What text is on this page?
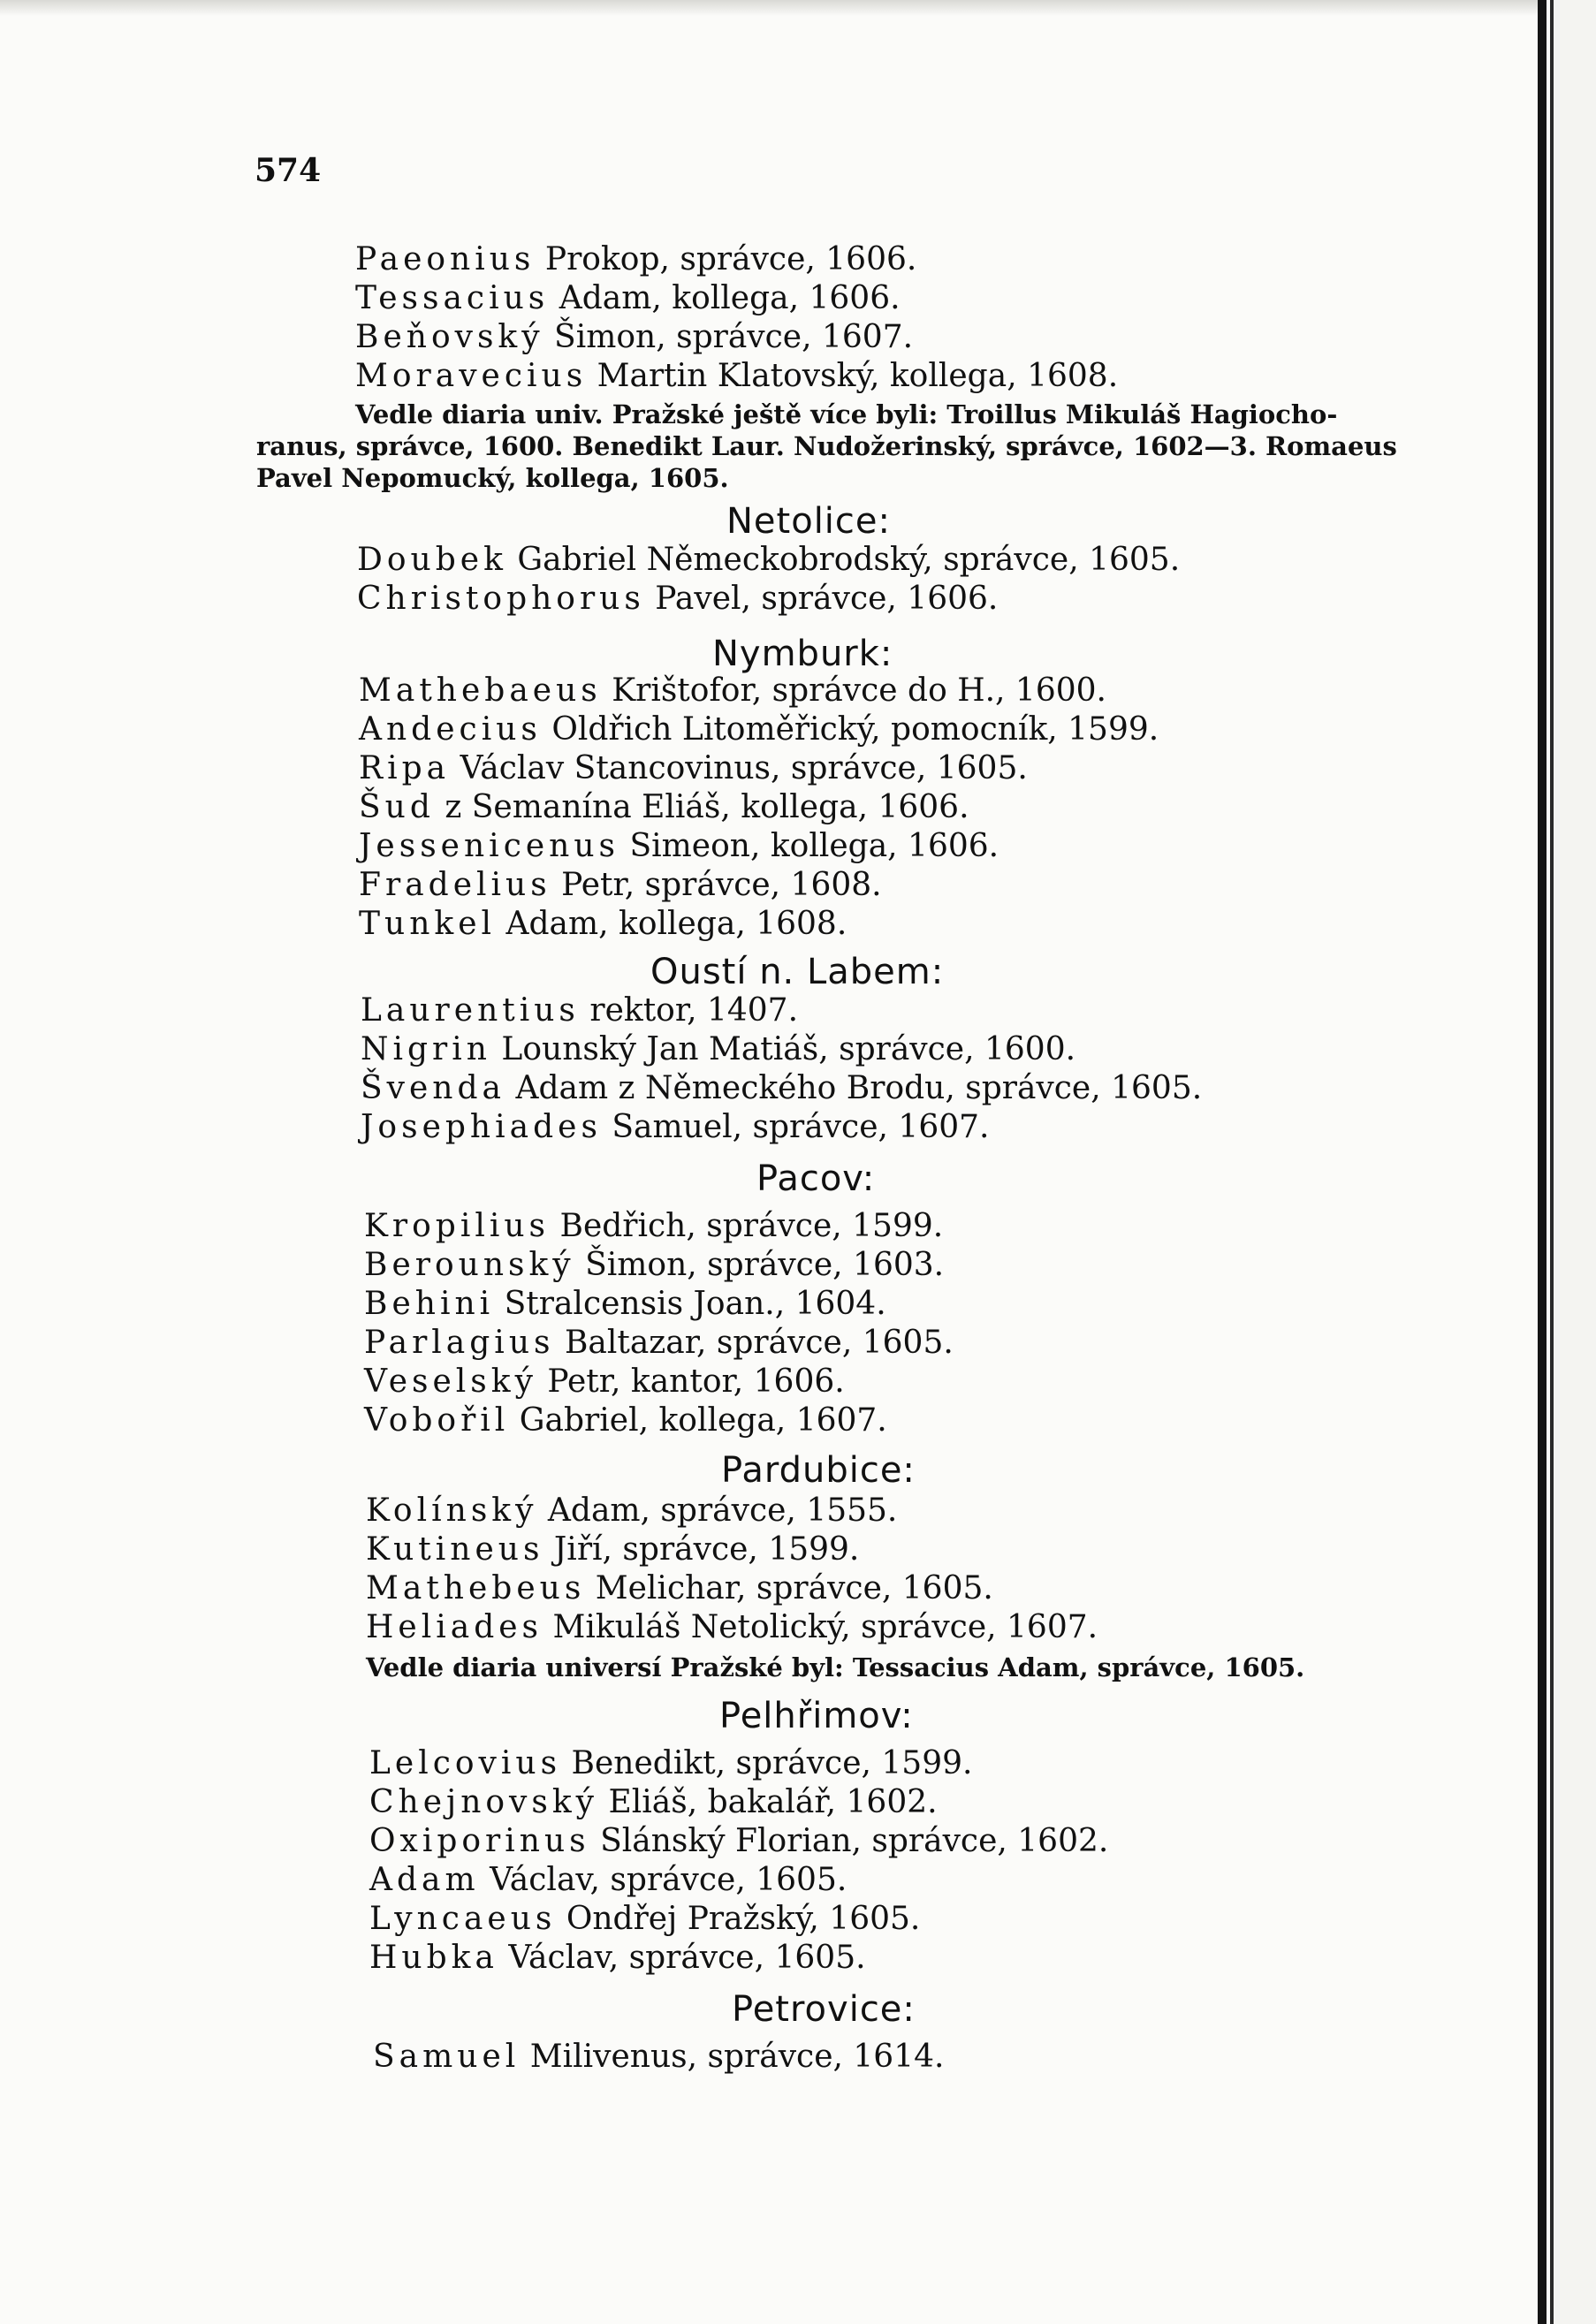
574
Paeonius Prokop, správce, 1606.
Tessacius Adam, kollega, 1606.
Beňovský Šimon, správce, 1607.
Moravecius Martin Klatovský, kollega, 1608.
Vedle diaria univ. Pražské ještě více byli: Troillus Mikuláš Hagiocho-
ranus, správce, 1600. Benedikt Laur. Nudožerinský, správce, 1602—3. Romaeus
Pavel Nepomucký, kollega, 1605.
Netolice:
Doubek Gabriel Německobrodský, správce, 1605.
Christophorus Pavel, správce, 1606.
Nymburk:
Mathebaeus Krištofor, správce do H., 1600.
Andecius Oldřich Litoměřický, pomocník, 1599.
Ripa Václav Stancovinus, správce, 1605.
Šud z Semanína Eliáš, kollega, 1606.
Jessenicenus Simeon, kollega, 1606.
Fradelius Petr, správce, 1608.
Tunkel Adam, kollega, 1608.
Oustí n. Labem:
Laurentius rektor, 1407.
Nigrin Lounský Jan Matiáš, správce, 1600.
Švenda Adam z Německého Brodu, správce, 1605.
Josephiades Samuel, správce, 1607.
Pacov:
Kropilius Bedřich, správce, 1599.
Berounský Šimon, správce, 1603.
Behini Stralcensis Joan., 1604.
Parlagius Baltazar, správce, 1605.
Veselský Petr, kantor, 1606.
Vobořil Gabriel, kollega, 1607.
Pardubice:
Kolínský Adam, správce, 1555.
Kutineus Jiří, správce, 1599.
Mathebeus Melichar, správce, 1605.
Heliades Mikuláš Netolický, správce, 1607.
Vedle diaria universí Pražské byl: Tessacius Adam, správce, 1605.
Pelhřimov:
Lelcovius Benedikt, správce, 1599.
Chejnovský Eliáš, bakalář, 1602.
Oxiporinus Slánský Florian, správce, 1602.
Adam Václav, správce, 1605.
Lyncaeus Ondřej Pražský, 1605.
Hubka Václav, správce, 1605.
Petrovice:
Samuel Milivenus, správce, 1614.
